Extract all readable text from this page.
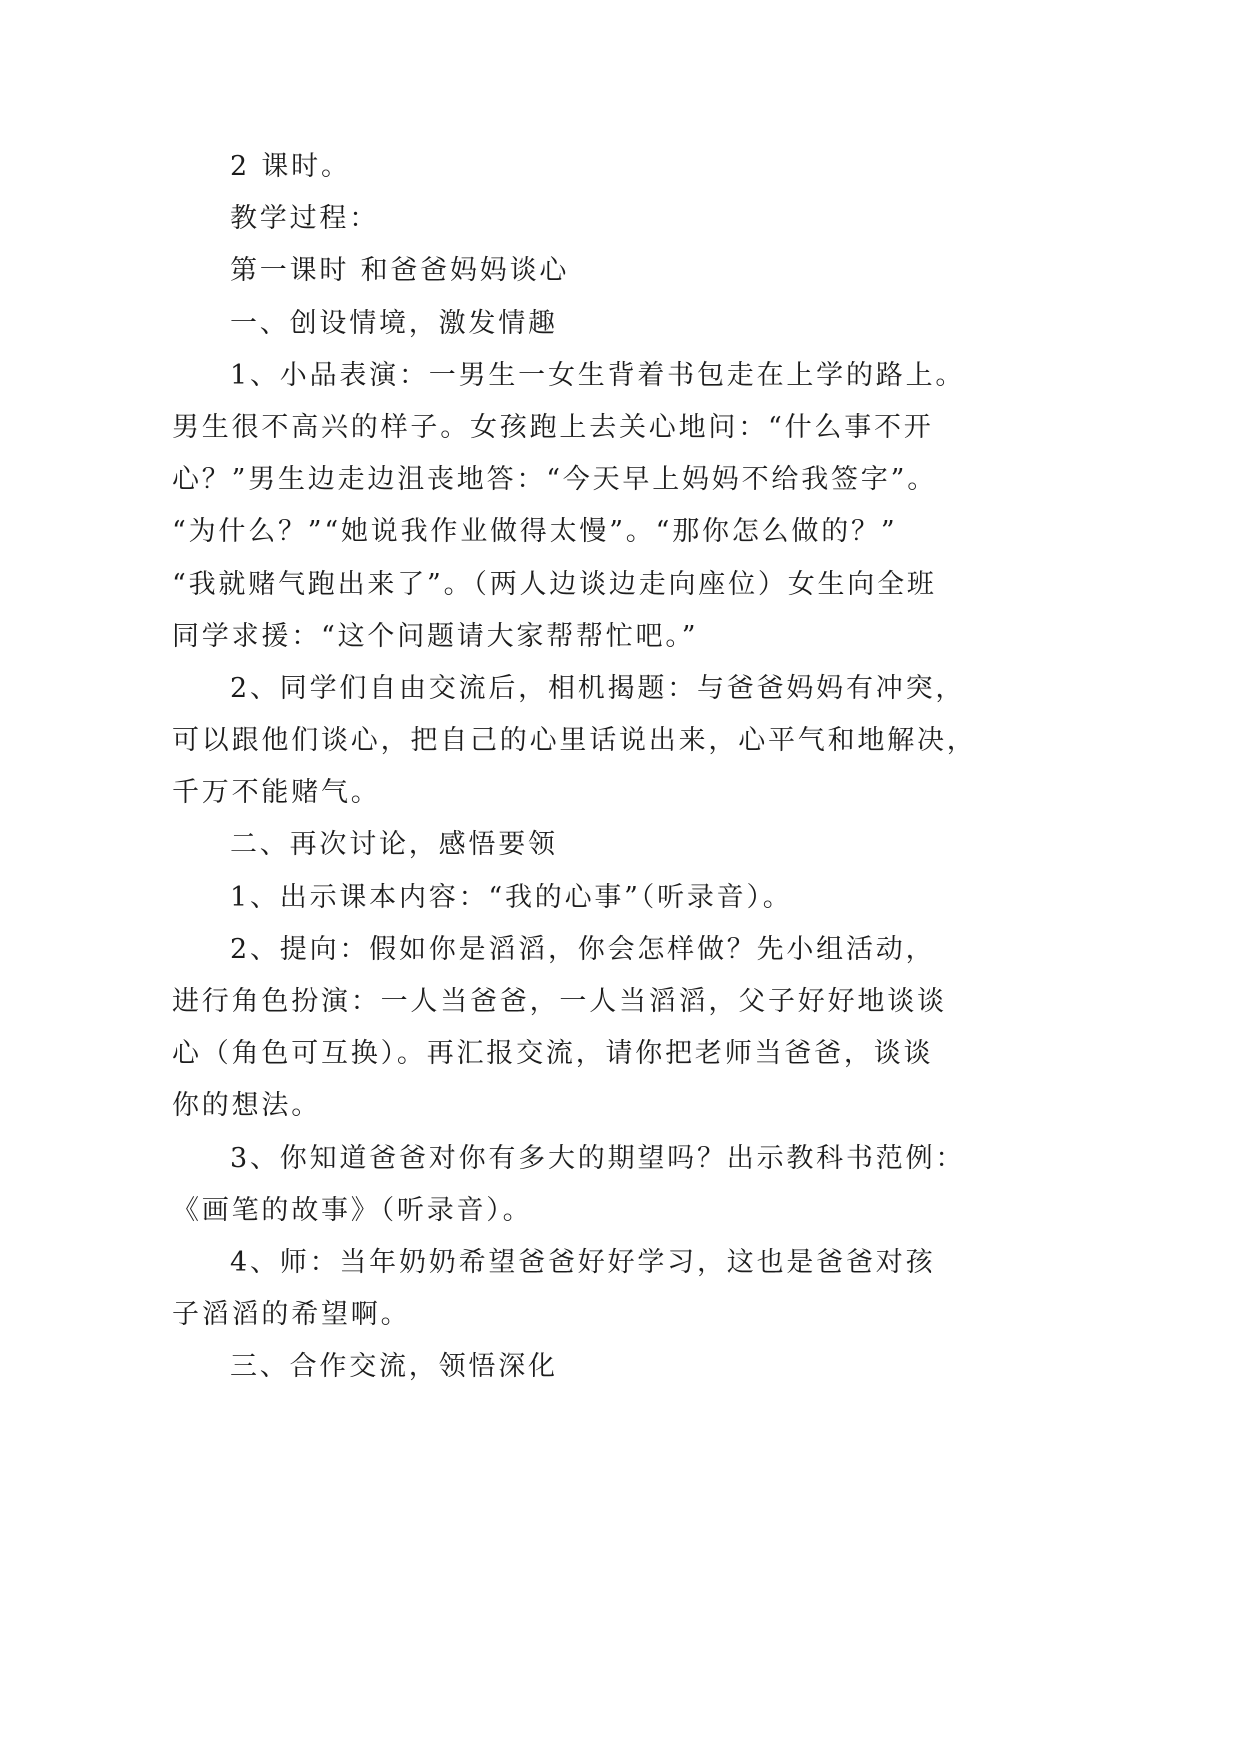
2 课时。
教学过程：
第一课时 和爸爸妈妈谈心
一、创设情境，激发情趣
1、小品表演：一男生一女生背着书包走在上学的路上。
男生很不高兴的样子。女孩跑上去关心地问：“什么事不开
心？”男生边走边沮丧地答：“今天早上妈妈不给我签字”。
“为什么？”“她说我作业做得太慢”。“那你怎么做的？”
“我就赌气跑出来了”。（两人边谈边走向座位）女生向全班
同学求援：“这个问题请大家帮帮忙吧。”
2、同学们自由交流后，相机揭题：与爸爸妈妈有冲突，
可以跟他们谈心，把自己的心里话说出来，心平气和地解决，
千万不能赌气。
二、再次讨论，感悟要领
1、出示课本内容：“我的心事”（听录音）。
2、提向：假如你是滔滔，你会怎样做？先小组活动，
进行角色扮演：一人当爸爸，一人当滔滔，父子好好地谈谈
心（角色可互换）。再汇报交流，请你把老师当爸爸，谈谈
你的想法。
3、你知道爸爸对你有多大的期望吗？出示教科书范例：
《画笔的故事》（听录音）。
4、师：当年奶奶希望爸爸好好学习，这也是爸爸对孩
子滔滔的希望啊。
三、合作交流，领悟深化
